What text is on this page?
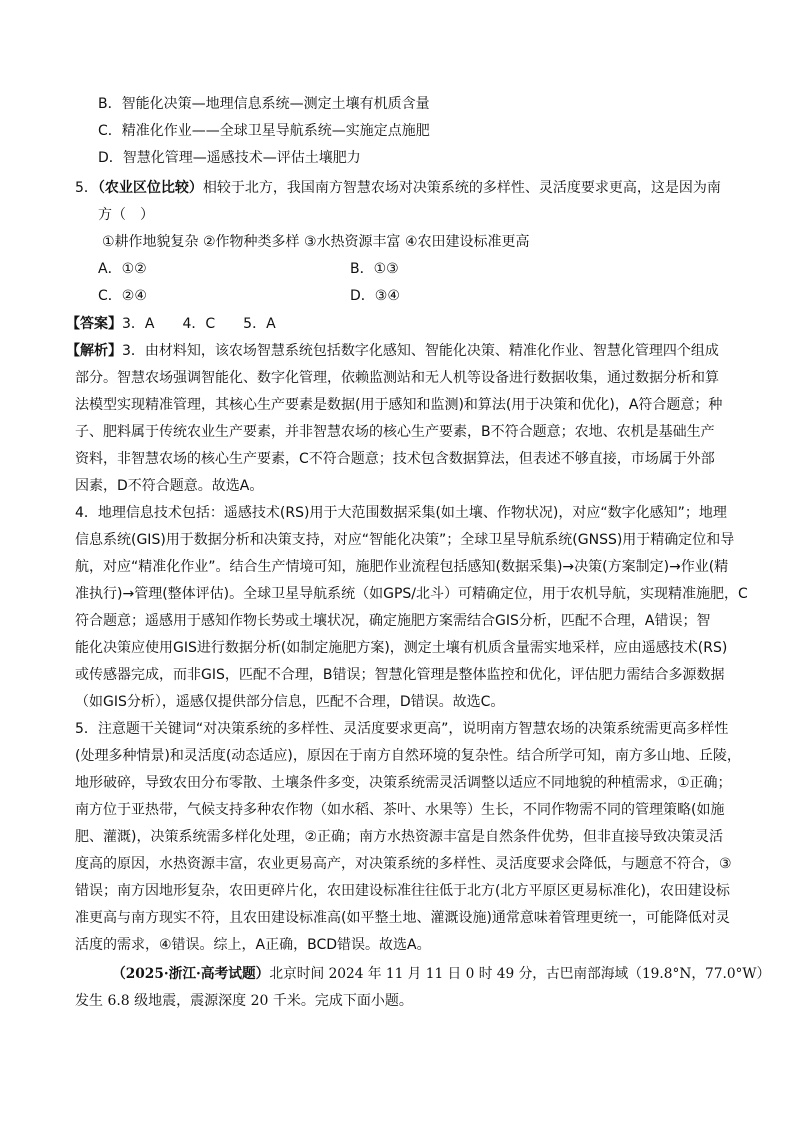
B．智能化决策—地理信息系统—测定土壤有机质含量
C．精准化作业——全球卫星导航系统—实施定点施肥
D．智慧化管理—遥感技术—评估土壤肥力
5．（农业区位比较）相较于北方，我国南方智慧农场对决策系统的多样性、灵活度要求更高，这是因为南
方（　）
①耕作地貌复杂 ②作物种类多样 ③水热资源丰富 ④农田建设标准更高
A．①②	B．①③
C．②④	D．③④
【答案】3．A　　4．C　　5．A
【解析】3．由材料知，该农场智慧系统包括数字化感知、智能化决策、精准化作业、智慧化管理四个组成
部分。智慧农场强调智能化、数字化管理，依赖监测站和无人机等设备进行数据收集，通过数据分析和算
法模型实现精准管理，其核心生产要素是数据(用于感知和监测)和算法(用于决策和优化)，A符合题意；种
子、肥料属于传统农业生产要素，并非智慧农场的核心生产要素，B不符合题意；农地、农机是基础生产
资料，非智慧农场的核心生产要素，C不符合题意；技术包含数据算法，但表述不够直接，市场属于外部
因素，D不符合题意。故选A。
4．地理信息技术包括：遥感技术(RS)用于大范围数据采集(如土壤、作物状况)，对应“数字化感知”；地理
信息系统(GIS)用于数据分析和决策支持，对应“智能化决策”；全球卫星导航系统(GNSS)用于精确定位和导
航，对应“精准化作业”。结合生产情境可知，施肥作业流程包括感知(数据采集)→决策(方案制定)→作业(精
准执行)→管理(整体评估)。全球卫星导航系统（如GPS/北斗）可精确定位，用于农机导航，实现精准施肥，C
符合题意；遥感用于感知作物长势或土壤状况，确定施肥方案需结合GIS分析，匹配不合理，A错误；智
能化决策应使用GIS进行数据分析(如制定施肥方案)，测定土壤有机质含量需实地采样，应由遥感技术(RS)
或传感器完成，而非GIS，匹配不合理，B错误；智慧化管理是整体监控和优化，评估肥力需结合多源数据
（如GIS分析），遥感仅提供部分信息，匹配不合理，D错误。故选C。
5．注意题干关键词“对决策系统的多样性、灵活度要求更高”，说明南方智慧农场的决策系统需更高多样性
(处理多种情景)和灵活度(动态适应)，原因在于南方自然环境的复杂性。结合所学可知，南方多山地、丘陵，
地形破碎，导致农田分布零散、土壤条件多变，决策系统需灵活调整以适应不同地貌的种植需求，①正确；
南方位于亚热带，气候支持多种农作物（如水稻、茶叶、水果等）生长，不同作物需不同的管理策略(如施
肥、灌溉)，决策系统需多样化处理，②正确；南方水热资源丰富是自然条件优势，但非直接导致决策灵活
度高的原因，水热资源丰富，农业更易高产，对决策系统的多样性、灵活度要求会降低，与题意不符合，③
错误；南方因地形复杂，农田更碎片化，农田建设标准往往低于北方(北方平原区更易标准化)，农田建设标
准更高与南方现实不符，且农田建设标准高(如平整土地、灌溉设施)通常意味着管理更统一，可能降低对灵
活度的需求，④错误。综上，A正确，BCD错误。故选A。
（2025·浙江·高考试题）北京时间 2024 年 11 月 11 日 0 时 49 分，古巴南部海域（19.8°N，77.0°W）
发生 6.8 级地震，震源深度 20 千米。完成下面小题。
